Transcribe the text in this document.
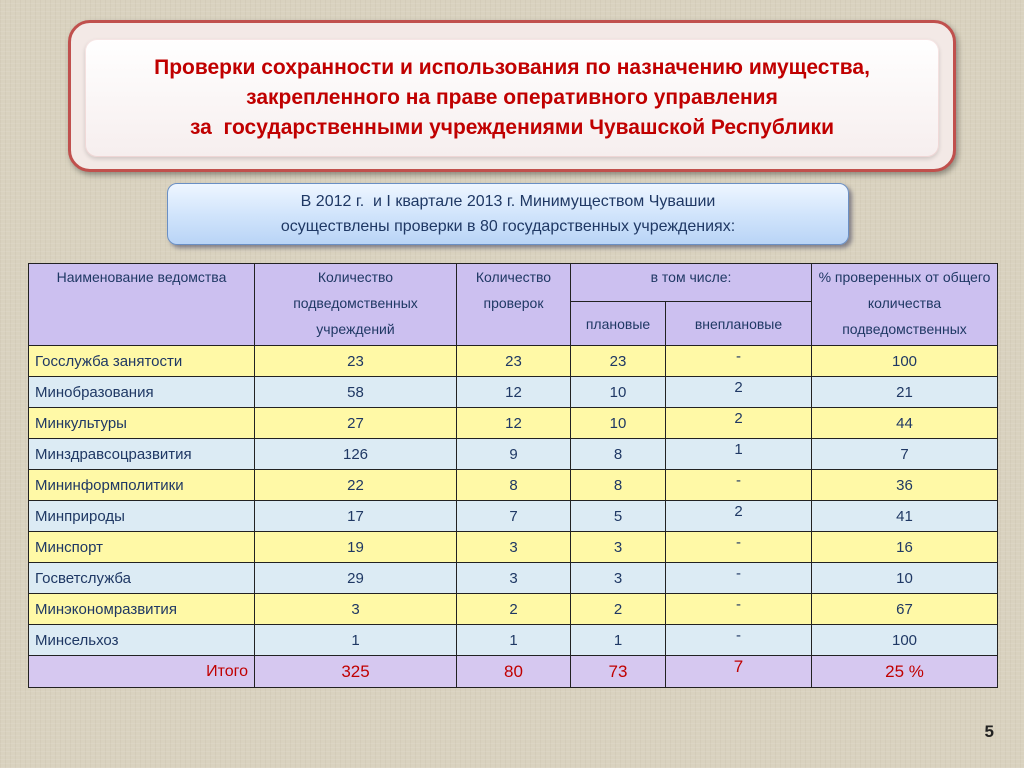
Проверки сохранности и использования по назначению имущества,
закрепленного на праве оперативного управления
за  государственными учреждениями Чувашской Республики
В 2012 г.  и I квартале 2013 г. Минимуществом Чувашии
осуществлены проверки в 80 государственных учреждениях:
Наименование ведомства	Количество подведомственных учреждений	Количество проверок	в том числе:		% проверенных от общего количества подведомственных
			плановые	внеплановые	
Госслужба занятости	23	23	23	-	100
Минобразования	58	12	10	2	21
Минкультуры	27	12	10	2	44
Минздравсоцразвития	126	9	8	1	7
Мининформполитики	22	8	8	-	36
Минприроды	17	7	5	2	41
Минспорт	19	3	3	-	16
Госветслужба	29	3	3	-	10
Минэкономразвития	3	2	2	-	67
Минсельхоз	1	1	1	-	100
Итого	325	80	73	7	25 %
5
